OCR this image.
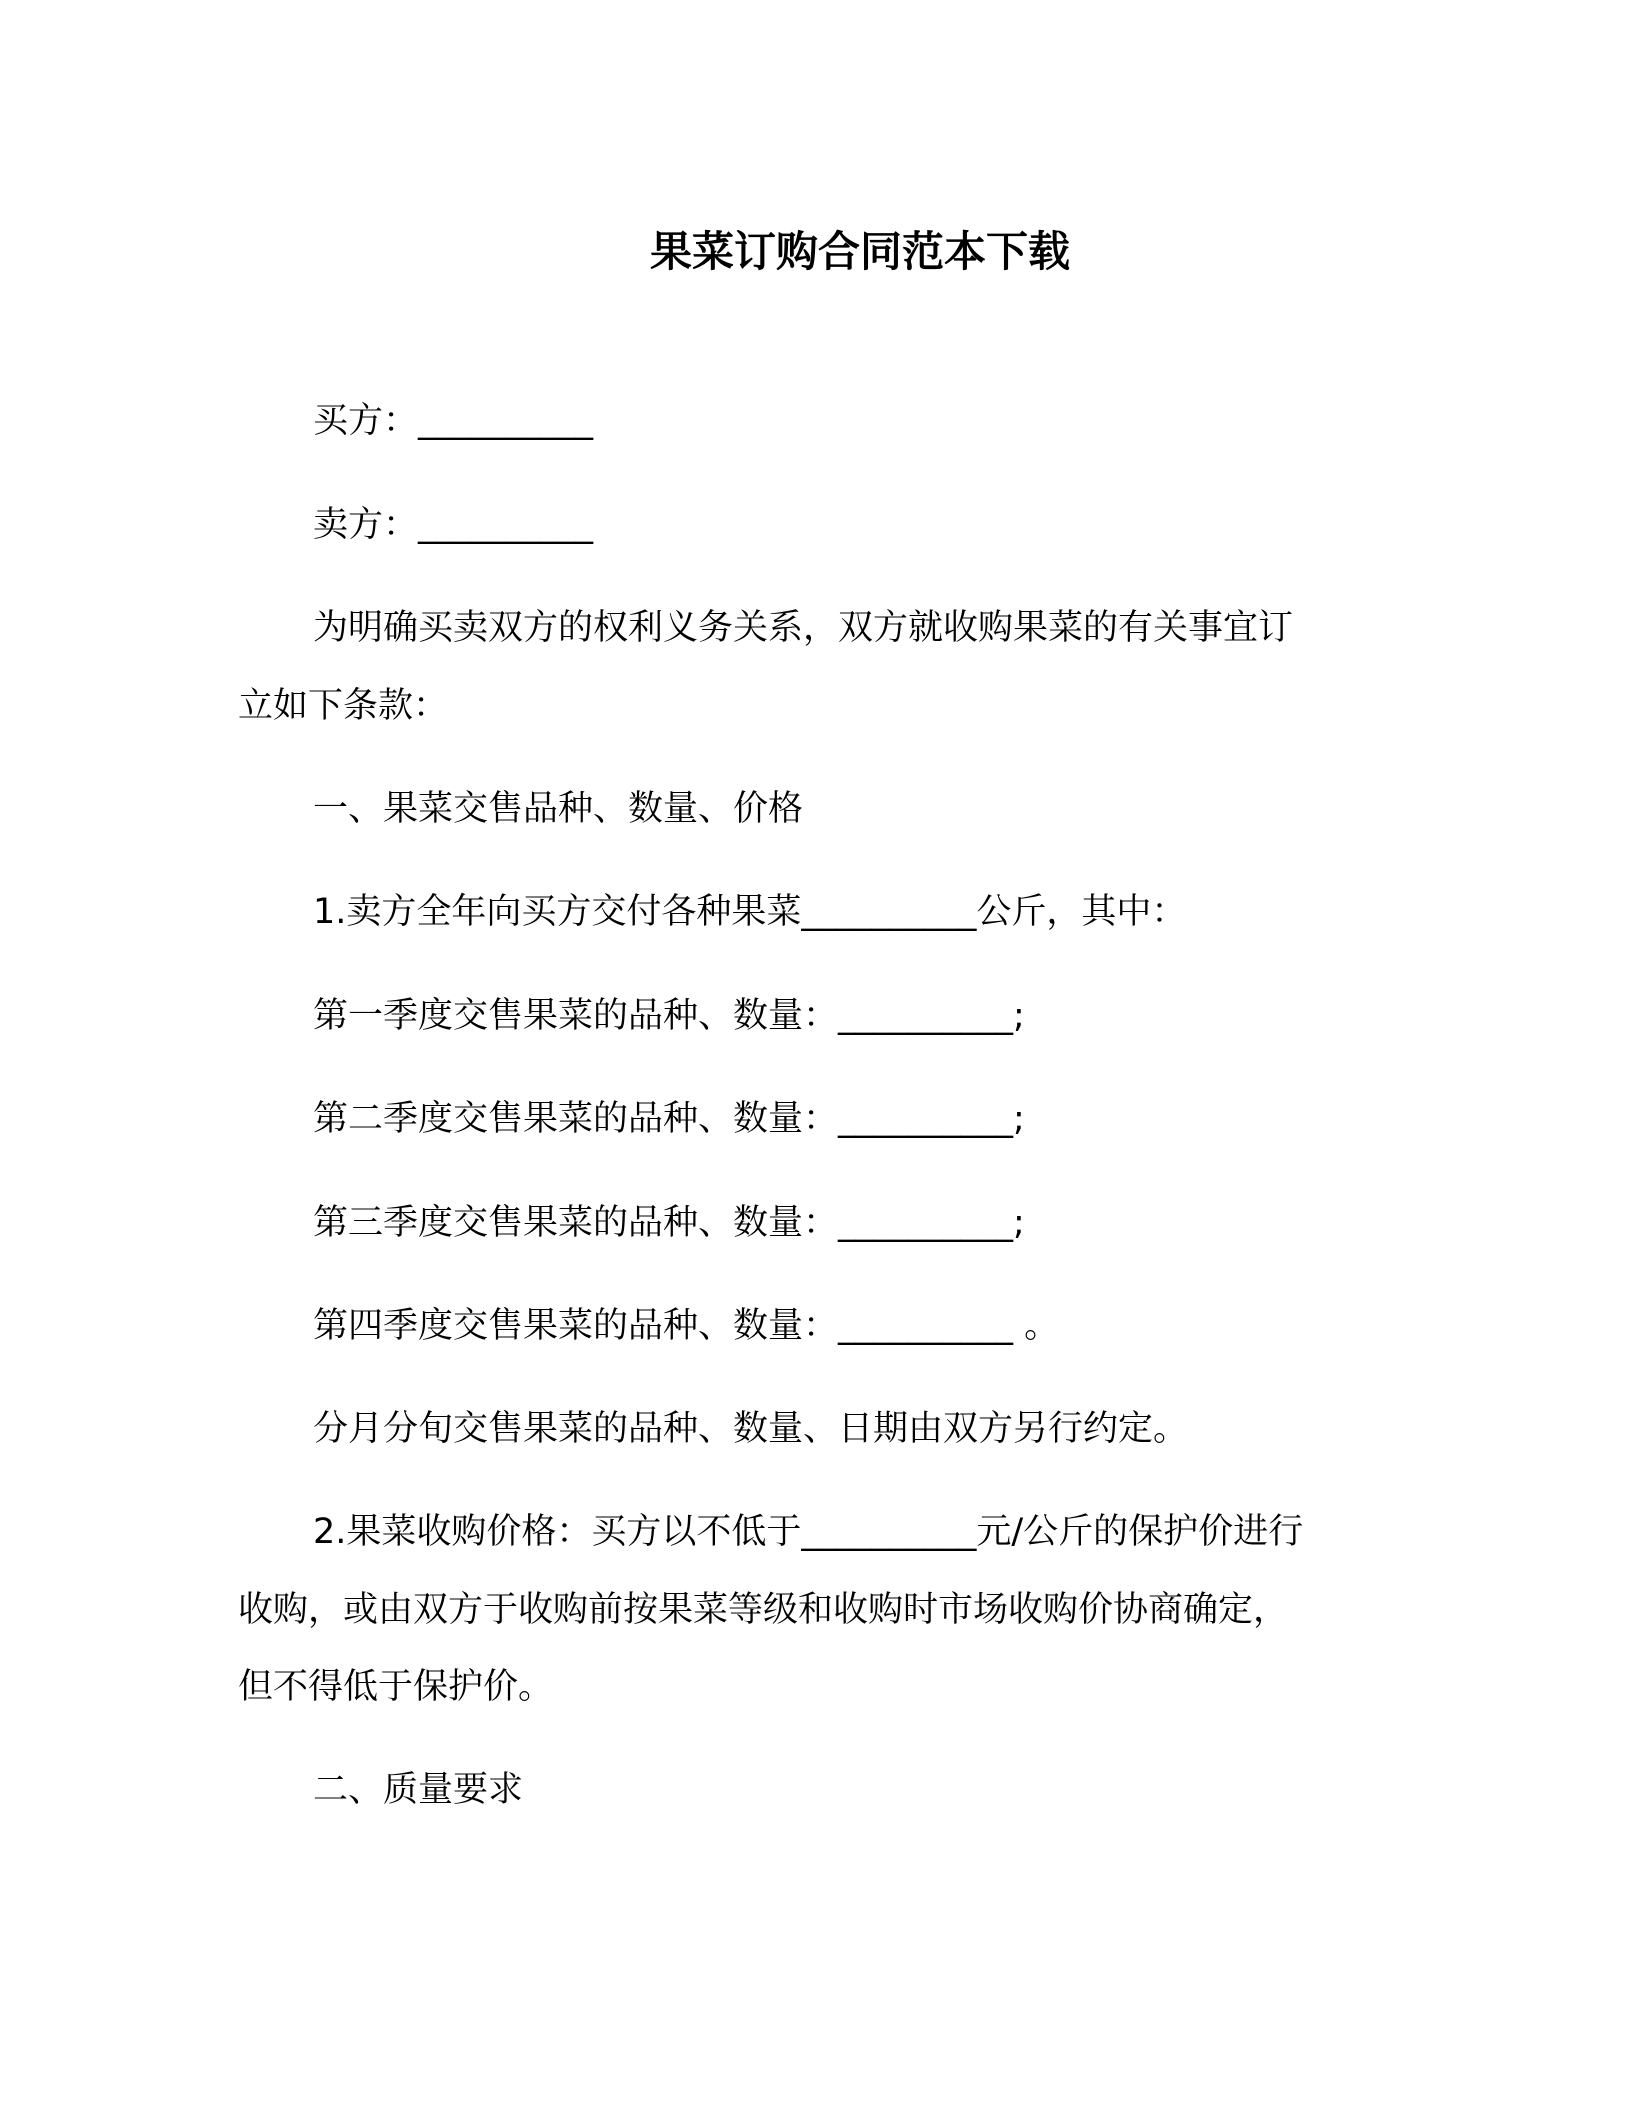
果菜订购合同范本下载
买方：__________
卖方：__________
为明确买卖双方的权利义务关系，双方就收购果菜的有关事宜订
立如下条款：
一、果菜交售品种、数量、价格
1.卖方全年向买方交付各种果菜__________公斤，其中：
第一季度交售果菜的品种、数量：__________;
第二季度交售果菜的品种、数量：__________;
第三季度交售果菜的品种、数量：__________;
第四季度交售果菜的品种、数量：__________ 。
分月分旬交售果菜的品种、数量、日期由双方另行约定。
2.果菜收购价格：买方以不低于__________元/公斤的保护价进行
收购，或由双方于收购前按果菜等级和收购时市场收购价协商确定，
但不得低于保护价。
二、质量要求
